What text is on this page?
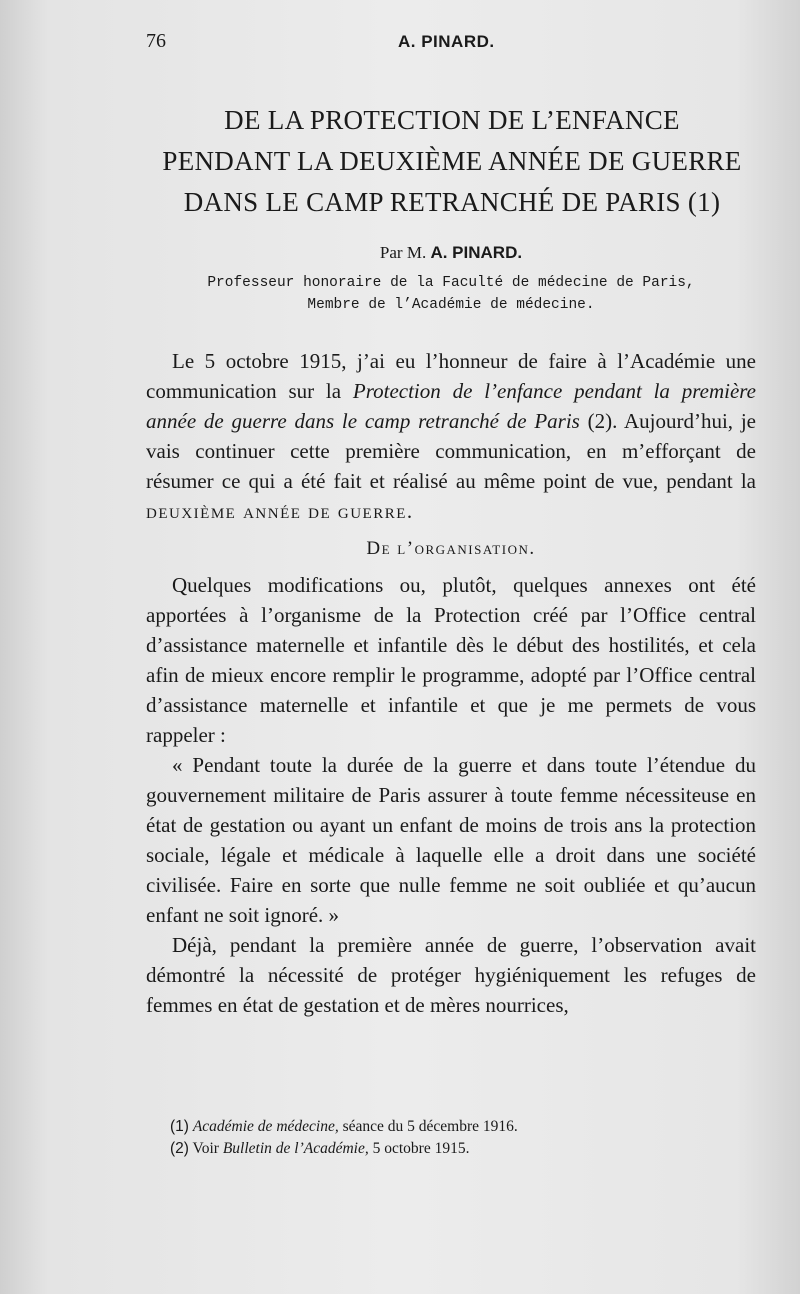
76	A. PINARD.
DE LA PROTECTION DE L’ENFANCE
PENDANT LA DEUXIÈME ANNÉE DE GUERRE
DANS LE CAMP RETRANCHÉ DE PARIS (1)
Par M. A. PINARD.
Professeur honoraire de la Faculté de médecine de Paris,
Membre de l’Académie de médecine.

Le 5 octobre 1915, j’ai eu l’honneur de faire à l’Académie une communication sur la Protection de l’enfance pendant la première année de guerre dans le camp retranché de Paris (2). Aujourd’hui, je vais continuer cette première communication, en m’efforçant de résumer ce qui a été fait et réalisé au même point de vue, pendant la deuxième année de guerre.

De l’organisation.

Quelques modifications ou, plutôt, quelques annexes ont été apportées à l’organisme de la Protection créé par l’Office central d’assistance maternelle et infantile dès le début des hostilités, et cela afin de mieux encore remplir le programme, adopté par l’Office central d’assistance maternelle et infantile et que je me permets de vous rappeler :

« Pendant toute la durée de la guerre et dans toute l’étendue du gouvernement militaire de Paris assurer à toute femme nécessiteuse en état de gestation ou ayant un enfant de moins de trois ans la protection sociale, légale et médicale à laquelle elle a droit dans une société civilisée. Faire en sorte que nulle femme ne soit oubliée et qu’aucun enfant ne soit ignoré. »

Déjà, pendant la première année de guerre, l’observation avait démontré la nécessité de protéger hygiéniquement les refuges de femmes en état de gestation et de mères nourrices,

(1) Académie de médecine, séance du 5 décembre 1916.
(2) Voir Bulletin de l’Académie, 5 octobre 1915.
